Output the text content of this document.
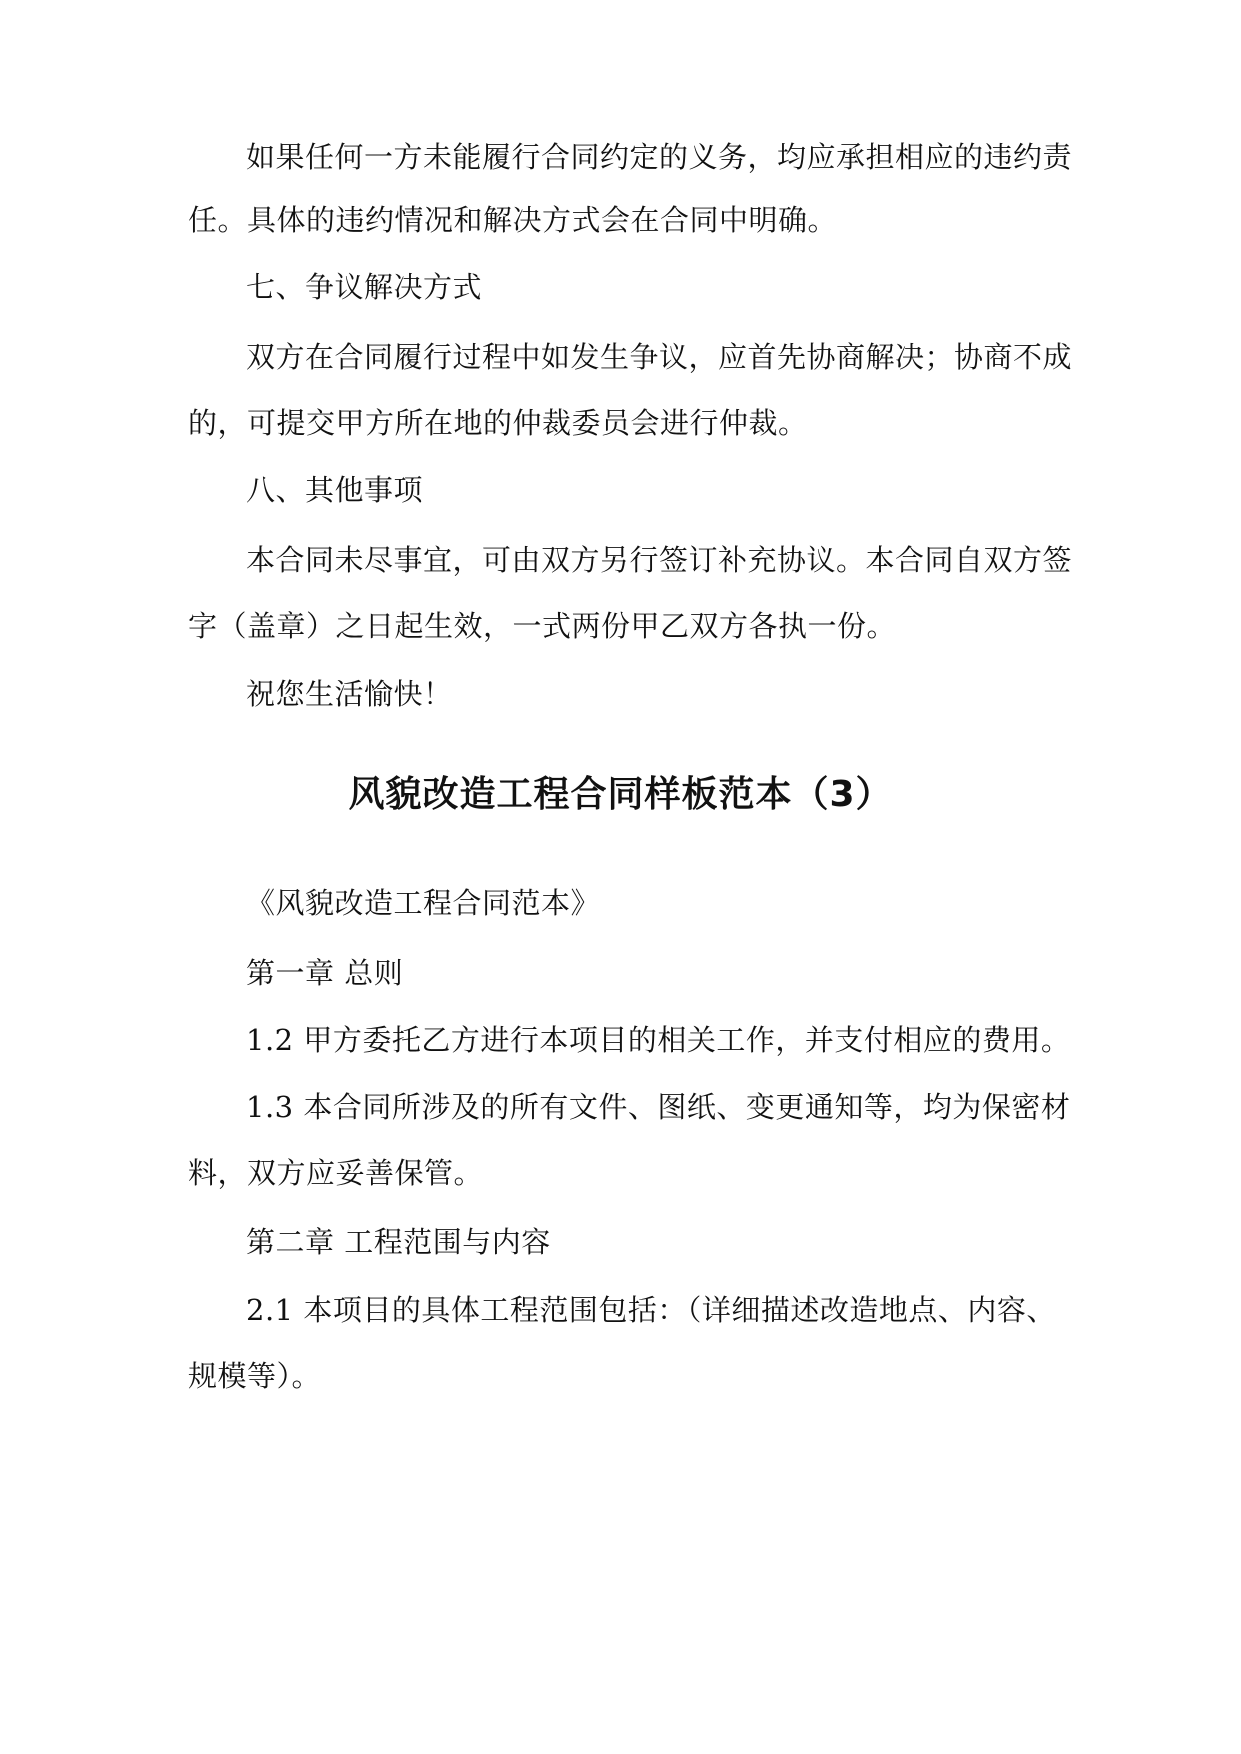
如果任何一方未能履行合同约定的义务，均应承担相应的违约责
任。具体的违约情况和解决方式会在合同中明确。
七、争议解决方式
双方在合同履行过程中如发生争议，应首先协商解决；协商不成
的，可提交甲方所在地的仲裁委员会进行仲裁。
八、其他事项
本合同未尽事宜，可由双方另行签订补充协议。本合同自双方签
字（盖章）之日起生效，一式两份甲乙双方各执一份。
祝您生活愉快！
风貌改造工程合同样板范本（3）
《风貌改造工程合同范本》
第一章 总则
1.2 甲方委托乙方进行本项目的相关工作，并支付相应的费用。
1.3 本合同所涉及的所有文件、图纸、变更通知等，均为保密材
料，双方应妥善保管。
第二章 工程范围与内容
2.1 本项目的具体工程范围包括：（详细描述改造地点、内容、
规模等）。
